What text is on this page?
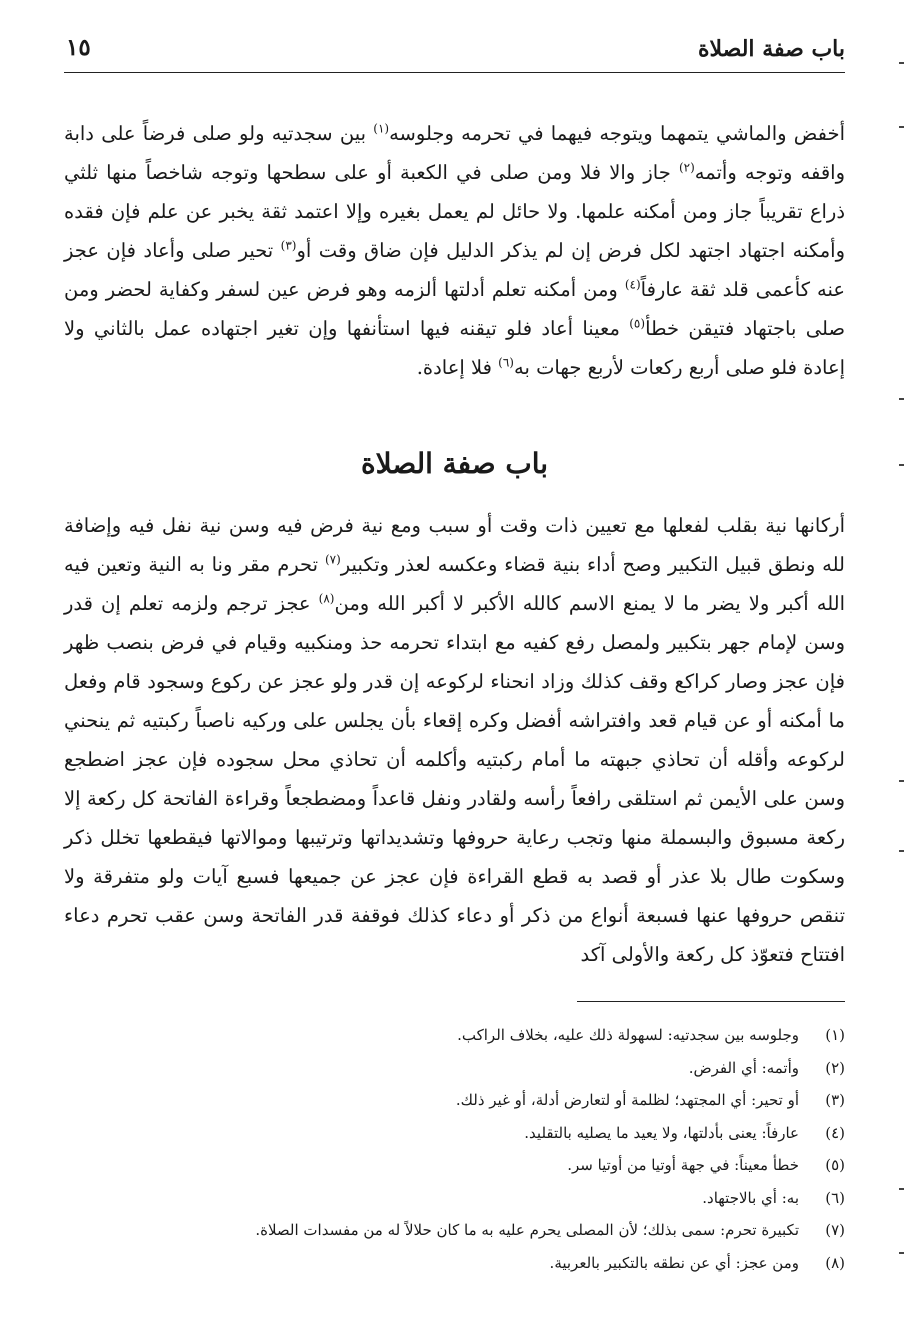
باب صفة الصلاة
١٥

أخفض والماشي يتمهما ويتوجه فيهما في تحرمه وجلوسه$^{(١)}$ بين سجدتيه ولو صلى فرضاً على دابة واقفه وتوجه وأتمه$^{(٢)}$ جاز والا فلا ومن صلى في الكعبة أو على سطحها وتوجه شاخصاً منها ثلثي ذراع تقريباً جاز ومن أمكنه علمها. ولا حائل لم يعمل بغيره وإلا اعتمد ثقة يخبر عن علم فإن فقده وأمكنه اجتهاد اجتهد لكل فرض إن لم يذكر الدليل فإن ضاق وقت أو$^{(٣)}$ تحير صلى وأعاد فإن عجز عنه كأعمى قلد ثقة عارفاً$^{(٤)}$ ومن أمكنه تعلم أدلتها ألزمه وهو فرض عين لسفر وكفاية لحضر ومن صلى باجتهاد فتيقن خطأ$^{(٥)}$ معينا أعاد فلو تيقنه فيها استأنفها وإن تغير اجتهاده عمل بالثاني ولا إعادة فلو صلى أربع ركعات لأربع جهات به$^{(٦)}$ فلا إعادة.

باب صفة الصلاة

أركانها نية بقلب لفعلها مع تعيين ذات وقت أو سبب ومع نية فرض فيه وسن نية نفل فيه وإضافة لله ونطق قبيل التكبير وصح أداء بنية قضاء وعكسه لعذر وتكبير$^{(٧)}$ تحرم مقر ونا به النية وتعين فيه الله أكبر ولا يضر ما لا يمنع الاسم كالله الأكبر لا أكبر الله ومن$^{(٨)}$ عجز ترجم ولزمه تعلم إن قدر وسن لإمام جهر بتكبير ولمصل رفع كفيه مع ابتداء تحرمه حذ ومنكبيه وقيام في فرض بنصب ظهر فإن عجز وصار كراكع وقف كذلك وزاد انحناء لركوعه إن قدر ولو عجز عن ركوع وسجود قام وفعل ما أمكنه أو عن قيام قعد وافتراشه أفضل وكره إقعاء بأن يجلس على وركيه ناصباً ركبتيه ثم ينحني لركوعه وأقله أن تحاذي جبهته ما أمام ركبتيه وأكلمه أن تحاذي محل سجوده فإن عجز اضطجع وسن على الأيمن ثم استلقى رافعاً رأسه ولقادر ونفل قاعداً ومضطجعاً وقراءة الفاتحة كل ركعة إلا ركعة مسبوق والبسملة منها وتجب رعاية حروفها وتشديداتها وترتيبها وموالاتها فيقطعها تخلل ذكر وسكوت طال بلا عذر أو قصد به قطع القراءة فإن عجز عن جميعها فسبع آيات ولو متفرقة ولا تنقص حروفها عنها فسبعة أنواع من ذكر أو دعاء كذلك فوقفة قدر الفاتحة وسن عقب تحرم دعاء افتتاح فتعوّذ كل ركعة والأولى آكد

(١)وجلوسه بين سجدتيه: لسهولة ذلك عليه، بخلاف الراكب.
(٢)وأتمه: أي الفرض.
(٣)أو تحير: أي المجتهد؛ لظلمة أو لتعارض أدلة، أو غير ذلك.
(٤)عارفاً: يعنى بأدلتها، ولا يعيد ما يصليه بالتقليد.
(٥)خطأ معيناً: في جهة أوتيا من أوتيا سر.
(٦)به: أي بالاجتهاد.
(٧)تكبيرة تحرم: سمى بذلك؛ لأن المصلى يحرم عليه به ما كان حلالاً له من مفسدات الصلاة.
(٨)ومن عجز: أي عن نطقه بالتكبير بالعربية.
